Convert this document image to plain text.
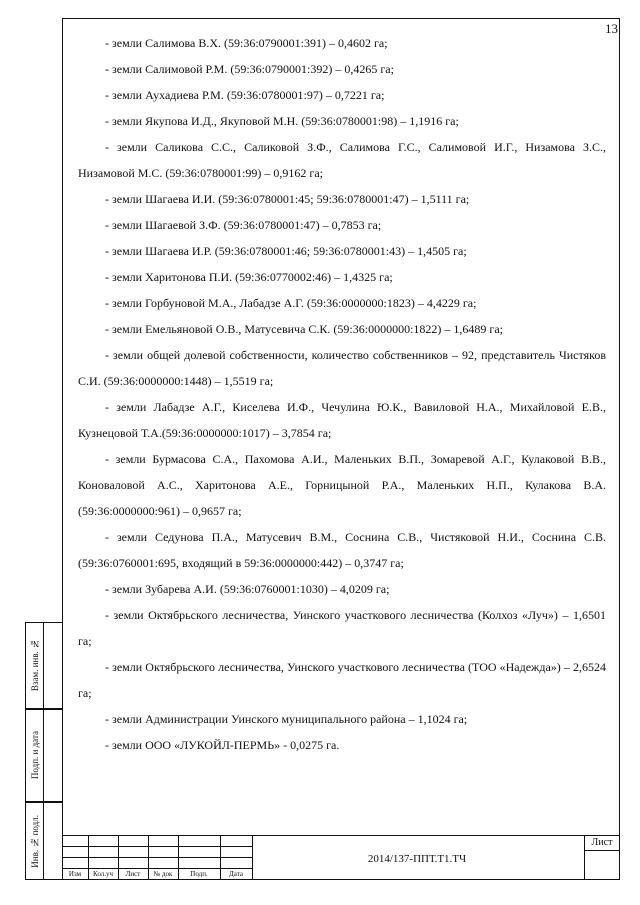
13

- земли Салимова В.Х. (59:36:0790001:391) – 0,4602 га;

- земли Салимовой Р.М. (59:36:0790001:392) – 0,4265 га;

- земли Аухадиева Р.М. (59:36:0780001:97) – 0,7221 га;

- земли Якупова И.Д., Якуповой М.Н. (59:36:0780001:98) – 1,1916 га;

- земли Саликова С.С., Саликовой З.Ф., Салимова Г.С., Салимовой И.Г., Низамова З.С., Низамовой М.С. (59:36:0780001:99) – 0,9162 га;

- земли Шагаева И.И. (59:36:0780001:45; 59:36:0780001:47) – 1,5111 га;

- земли Шагаевой З.Ф. (59:36:0780001:47) – 0,7853 га;

- земли Шагаева И.Р. (59:36:0780001:46; 59:36:0780001:43) – 1,4505 га;

- земли Харитонова П.И. (59:36:0770002:46) – 1,4325 га;

- земли Горбуновой М.А., Лабадзе А.Г. (59:36:0000000:1823) – 4,4229 га;

- земли Емельяновой О.В., Матусевича С.К. (59:36:0000000:1822) – 1,6489 га;

- земли общей долевой собственности, количество собственников – 92, представитель Чистяков С.И. (59:36:0000000:1448) – 1,5519 га;

- земли Лабадзе А.Г., Киселева И.Ф., Чечулина Ю.К., Вавиловой Н.А., Михайловой Е.В., Кузнецовой Т.А.(59:36:0000000:1017) – 3,7854 га;

- земли Бурмасова С.А., Пахомова А.И., Маленьких В.П., Зомаревой А.Г., Кулаковой В.В., Коноваловой А.С., Харитонова А.Е., Горницыной Р.А., Маленьких Н.П., Кулакова В.А. (59:36:0000000:961) – 0,9657 га;

- земли Седунова П.А., Матусевич В.М., Соснина С.В., Чистяковой Н.И., Соснина С.В. (59:36:0760001:695, входящий в 59:36:0000000:442) – 0,3747 га;

- земли Зубарева А.И. (59:36:0760001:1030) – 4,0209 га;

- земли Октябрьского лесничества, Уинского участкового лесничества (Колхоз «Луч») – 1,6501 га;

- земли Октябрьского лесничества, Уинского участкового лесничества (ТОО «Надежда») – 2,6524 га;

- земли Администрации Уинского муниципального района – 1,1024 га;

- земли ООО «ЛУКОЙЛ-ПЕРМЬ» - 0,0275 га.

Взам. инв. №
Подп. и дата
Инв. № подл.
Изм	Кол.уч	Лист	№ док	Подп.	Дата
2014/137-ППТ.Т1.ТЧ
Лист
